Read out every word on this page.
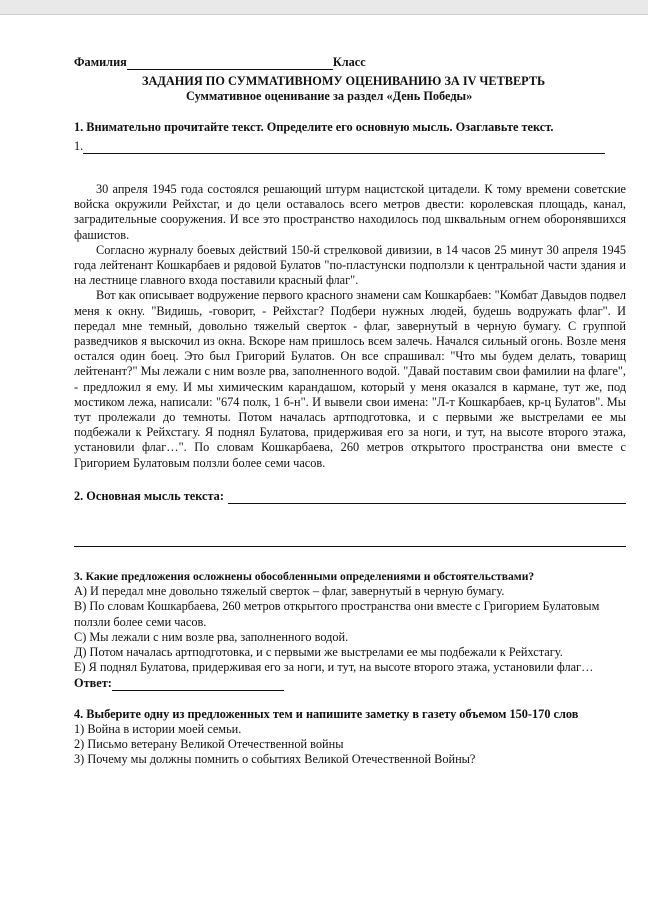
Фамилия	Класс
ЗАДАНИЯ ПО СУММАТИВНОМУ ОЦЕНИВАНИЮ ЗА IV ЧЕТВЕРТЬ
Суммативное оценивание за раздел «День Победы»
1. Внимательно прочитайте текст. Определите его основную мысль. Озаглавьте текст.
1.

30 апреля 1945 года состоялся решающий штурм нацистской цитадели. К тому времени советские войска окружили Рейхстаг, и до цели оставалось всего метров двести: королевская площадь, канал, заградительные сооружения. И все это пространство находилось под шквальным огнем оборонявшихся фашистов.

Согласно журналу боевых действий 150-й стрелковой дивизии, в 14 часов 25 минут 30 апреля 1945 года лейтенант Кошкарбаев и рядовой Булатов "по-пластунски подползли к центральной части здания и на лестнице главного входа поставили красный флаг".

Вот как описывает водружение первого красного знамени сам Кошкарбаев: "Комбат Давыдов подвел меня к окну. "Видишь, -говорит, - Рейхстаг? Подбери нужных людей, будешь водружать флаг". И передал мне темный, довольно тяжелый сверток - флаг, завернутый в черную бумагу. С группой разведчиков я выскочил из окна. Вскоре нам пришлось всем залечь. Начался сильный огонь. Возле меня остался один боец. Это был Григорий Булатов. Он все спрашивал: "Что мы будем делать, товарищ лейтенант?" Мы лежали с ним возле рва, заполненного водой. "Давай поставим свои фамилии на флаге", - предложил я ему. И мы химическим карандашом, который у меня оказался в кармане, тут же, под мостиком лежа, написали: "674 полк, 1 б-н". И вывели свои имена: "Л-т Кошкарбаев, кр-ц Булатов". Мы тут пролежали до темноты. Потом началась артподготовка, и с первыми же выстрелами ее мы подбежали к Рейхстагу. Я поднял Булатова, придерживая его за ноги, и тут, на высоте второго этажа, установили флаг…". По словам Кошкарбаева, 260 метров открытого пространства они вместе с Григорием Булатовым ползли более семи часов.

2. Основная мысль текста:
3. Какие предложения осложнены обособленными определениями и обстоятельствами?
А) И передал мне довольно тяжелый сверток – флаг, завернутый в черную бумагу.
В) По словам Кошкарбаева, 260 метров открытого пространства они вместе с Григорием Булатовым ползли более семи часов.
С) Мы лежали с ним возле рва, заполненного водой.
Д) Потом началась артподготовка, и с первыми же выстрелами ее мы подбежали к Рейхстагу.
Е) Я поднял Булатова, придерживая его за ноги, и тут, на высоте второго этажа, установили флаг…
Ответ:
4. Выберите одну из предложенных тем и напишите заметку в газету объемом 150-170 слов
1) Война в истории моей семьи.
2) Письмо ветерану Великой Отечественной войны
3) Почему мы должны помнить о событиях Великой Отечественной Войны?
